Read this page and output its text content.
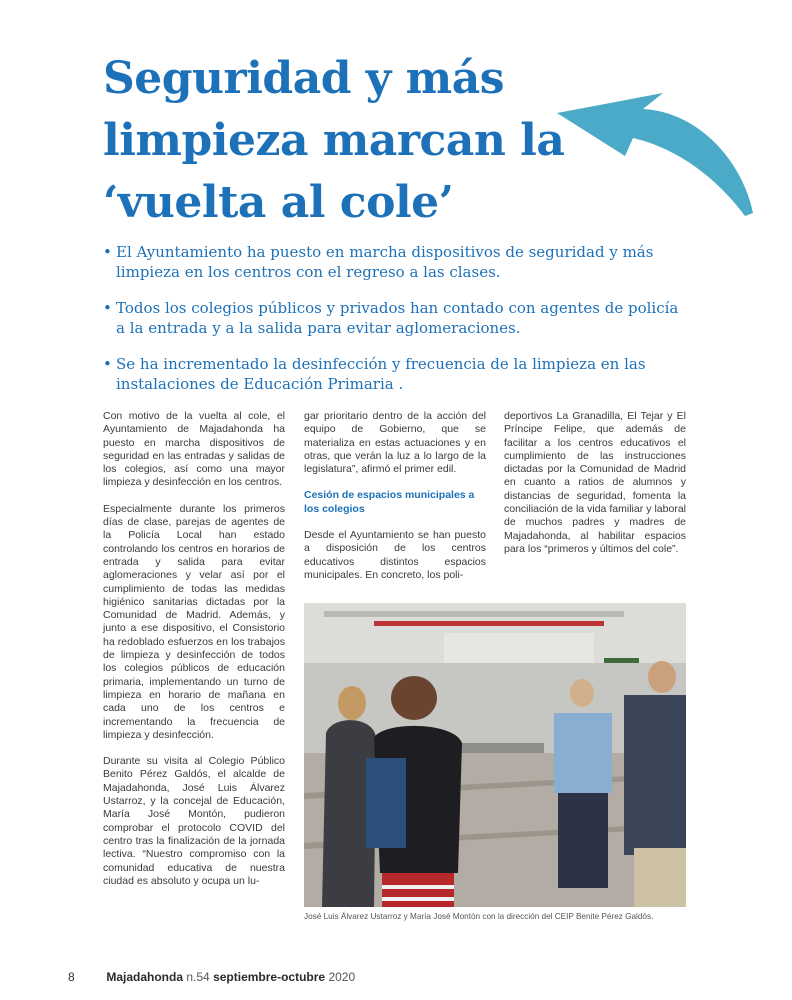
Seguridad y más limpieza marcan la ‘vuelta al cole’
• El Ayuntamiento ha puesto en marcha dispositivos de seguridad y más limpieza en los centros con el regreso a las clases.
• Todos los colegios públicos y privados han contado con agentes de policía a la entrada y a la salida para evitar aglomeraciones.
• Se ha incrementado la desinfección y frecuencia de la limpieza en las instalaciones de Educación Primaria .

Con motivo de la vuelta al cole, el Ayuntamiento de Majadahonda ha puesto en marcha dispositivos de seguridad en las entradas y salidas de los colegios, así como una mayor limpieza y desinfección en los centros.

Especialmente durante los primeros días de clase, parejas de agentes de la Policía Local han estado controlando los centros en horarios de entrada y salida para evitar aglomeraciones y velar así por el cumplimiento de todas las medidas higiénico sanitarias dictadas por la Comunidad de Madrid. Además, y junto a ese dispositivo, el Consistorio ha redoblado esfuerzos en los trabajos de limpieza y desinfección de todos los colegios públicos de educación primaria, implementando un turno de limpieza en horario de mañana en cada uno de los centros e incrementando la frecuencia de limpieza y desinfección.

Durante su visita al Colegio Público Benito Pérez Galdós, el alcalde de Majadahonda, José Luis Álvarez Ustarroz, y la concejal de Educación, María José Montón, pudieron comprobar el protocolo COVID del centro tras la finalización de la jornada lectiva. “Nuestro compromiso con la comunidad educativa de nuestra ciudad es absoluto y ocupa un lu-

gar prioritario dentro de la acción del equipo de Gobierno, que se materializa en estas actuaciones y en otras, que verán la luz a lo largo de la legislatura”, afirmó el primer edil.

Cesión de espacios municipales a los colegios

Desde el Ayuntamiento se han puesto a disposición de los centros educativos distintos espacios municipales. En concreto, los poli-

deportivos La Granadilla, El Tejar y El Príncipe Felipe, que además de facilitar a los centros educativos el cumplimiento de las instrucciones dictadas por la Comunidad de Madrid en cuanto a ratios de alumnos y distancias de seguridad, fomenta la conciliación de la vida familiar y laboral de muchos padres y madres de Majadahonda, al habilitar espacios para los “primeros y últimos del cole”.

José Luis Álvarez Ustarroz y María José Montón con la dirección del CEIP Benite Pérez Galdós.
8	Majadahonda n.54 septiembre-octubre 2020
